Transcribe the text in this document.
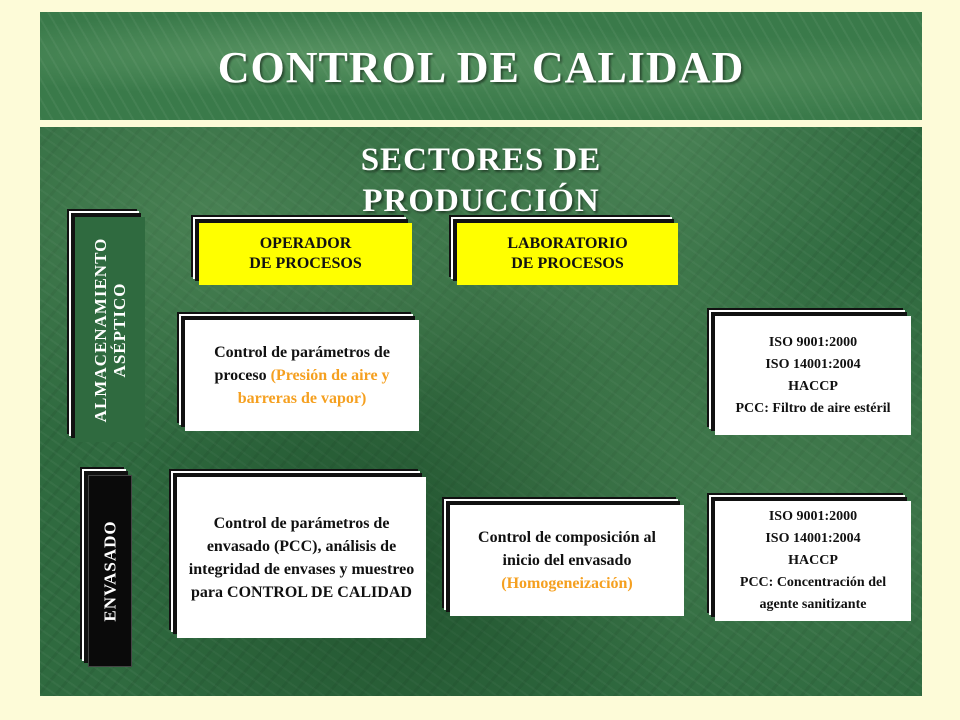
CONTROL DE CALIDAD
SECTORES DE
PRODUCCIÓN
ALMACENAMIENTO ASÉPTICO
ENVASADO
OPERADOR
DE PROCESOS
LABORATORIO
DE PROCESOS
Control de parámetros de proceso (Presión de aire y barreras de vapor)
ISO 9001:2000
ISO 14001:2004
HACCP
PCC: Filtro de aire estéril
Control de parámetros de envasado (PCC), análisis de integridad de envases y muestreo para CONTROL DE CALIDAD
Control de composición al inicio del envasado (Homogeneización)
ISO 9001:2000
ISO 14001:2004
HACCP
PCC: Concentración del agente sanitizante
